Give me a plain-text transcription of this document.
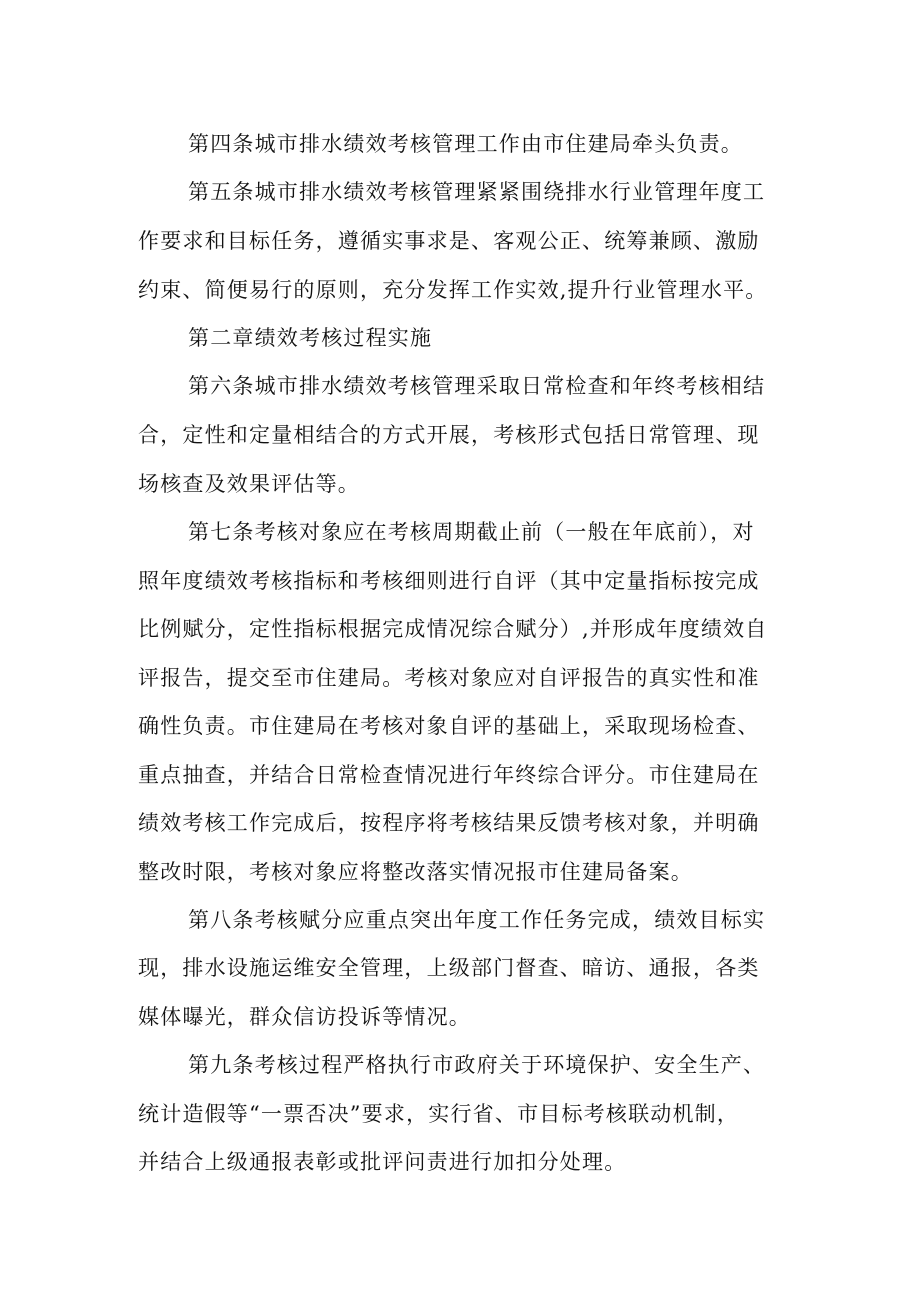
第四条城市排水绩效考核管理工作由市住建局牵头负责。
第五条城市排水绩效考核管理紧紧围绕排水行业管理年度工
作要求和目标任务，遵循实事求是、客观公正、统筹兼顾、激励
约束、简便易行的原则，充分发挥工作实效,提升行业管理水平。
第二章绩效考核过程实施
第六条城市排水绩效考核管理采取日常检查和年终考核相结
合，定性和定量相结合的方式开展，考核形式包括日常管理、现
场核查及效果评估等。
第七条考核对象应在考核周期截止前（一般在年底前），对
照年度绩效考核指标和考核细则进行自评（其中定量指标按完成
比例赋分，定性指标根据完成情况综合赋分）,并形成年度绩效自
评报告，提交至市住建局。考核对象应对自评报告的真实性和准
确性负责。市住建局在考核对象自评的基础上，采取现场检查、
重点抽查，并结合日常检查情况进行年终综合评分。市住建局在
绩效考核工作完成后，按程序将考核结果反馈考核对象，并明确
整改时限，考核对象应将整改落实情况报市住建局备案。
第八条考核赋分应重点突出年度工作任务完成，绩效目标实
现，排水设施运维安全管理，上级部门督查、暗访、通报，各类
媒体曝光，群众信访投诉等情况。
第九条考核过程严格执行市政府关于环境保护、安全生产、
统计造假等“一票否决”要求，实行省、市目标考核联动机制，
并结合上级通报表彰或批评问责进行加扣分处理。
